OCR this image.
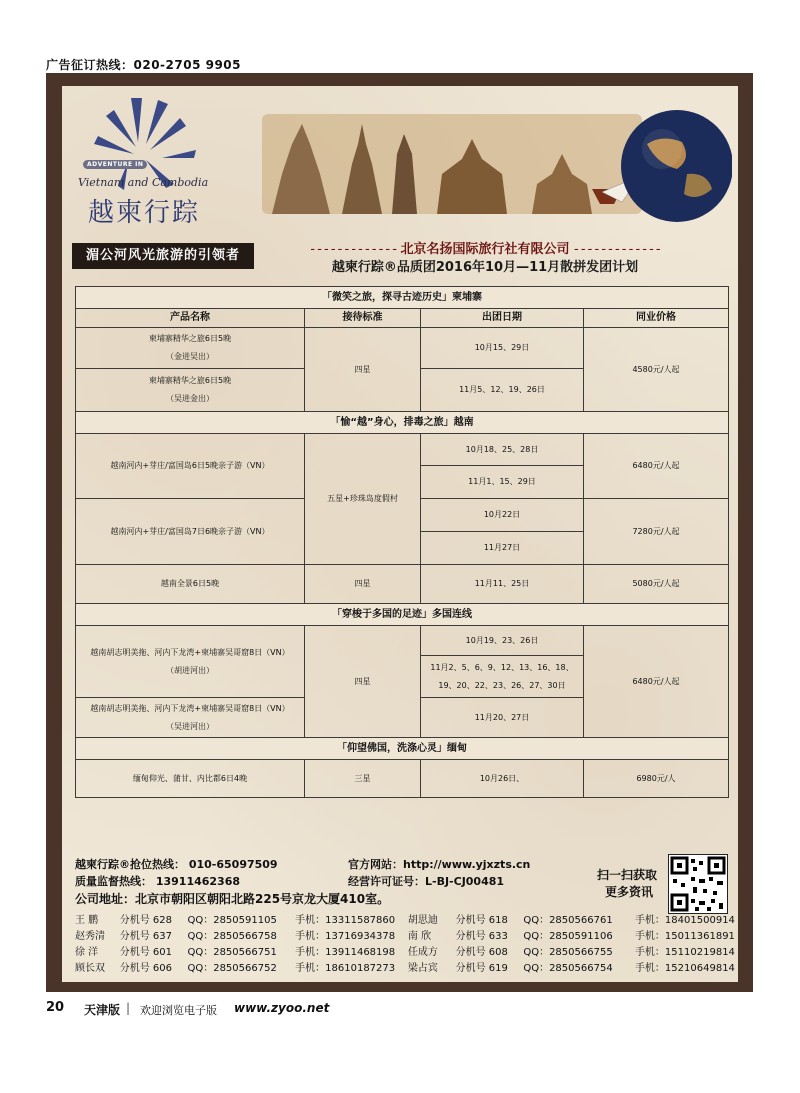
广告征订热线：020-2705 9905
ADVENTURE IN
Vietnam and Cambodia
越柬行踪
湄公河风光旅游的引领者	- - - - - - - - - - - - - 北京名扬国际旅行社有限公司 - - - - - - - - - - - - -
越柬行踪®品质团2016年10月—11月散拼发团计划
「微笑之旅，探寻古迹历史」柬埔寨			
产品名称	接待标准	出团日期	同业价格

柬埔寨精华之旅6日5晚
（金进吴出）	四星	10月15、29日	4580元/人起

柬埔寨精华之旅6日5晚
（吴进金出）		11月5、12、19、26日	
「愉“越”身心，排毒之旅」越南			
越南河内+芽庄/富国岛6日5晚亲子游（VN）	五星+珍珠岛度假村	10月18、25、28日	6480元/人起
		11月1、15、29日	
越南河内+芽庄/富国岛7日6晚亲子游（VN）		10月22日	7280元/人起
		11月27日	
越南全景6日5晚	四星	11月11、25日	5080元/人起
「穿梭于多国的足迹」多国连线			

越南胡志明美拖、河内下龙湾+柬埔寨吴哥窟8日（VN）
（胡进河出）	四星	10月19、23、26日	6480元/人起

		11月2、5、6、9、12、13、16、18、
19、20、22、23、26、27、30日	

越南胡志明美拖、河内下龙湾+柬埔寨吴哥窟8日（VN）
（吴进河出）		11月20、27日	
「仰望佛国，洗涤心灵」缅甸			
缅甸仰光、蒲甘、内比都6日4晚	三星	10月26日、	6980元/人
越柬行踪®抢位热线： 010-65097509
质量监督热线： 13911462368
公司地址：北京市朝阳区朝阳北路225号京龙大厦410室。
官方网站：http://www.yjxzts.cn
经营许可证号：L-BJ-CJ00481	扫一扫获取
更多资讯
王 鹏	分机号 628	QQ：2850591105	手机：13311587860	胡思迪	分机号 618	QQ：2850566761	手机：18401500914
赵秀清	分机号 637	QQ：2850566758	手机：13716934378	南 欣	分机号 633	QQ：2850591106	手机：15011361891
徐 洋	分机号 601	QQ：2850566751	手机：13911468198	任成方	分机号 608	QQ：2850566755	手机：15110219814
顾长双	分机号 606	QQ：2850566752	手机：18610187273	梁占宾	分机号 619	QQ：2850566754	手机：15210649814
20 天津版 | 欢迎浏览电子版 www.zyoo.net
